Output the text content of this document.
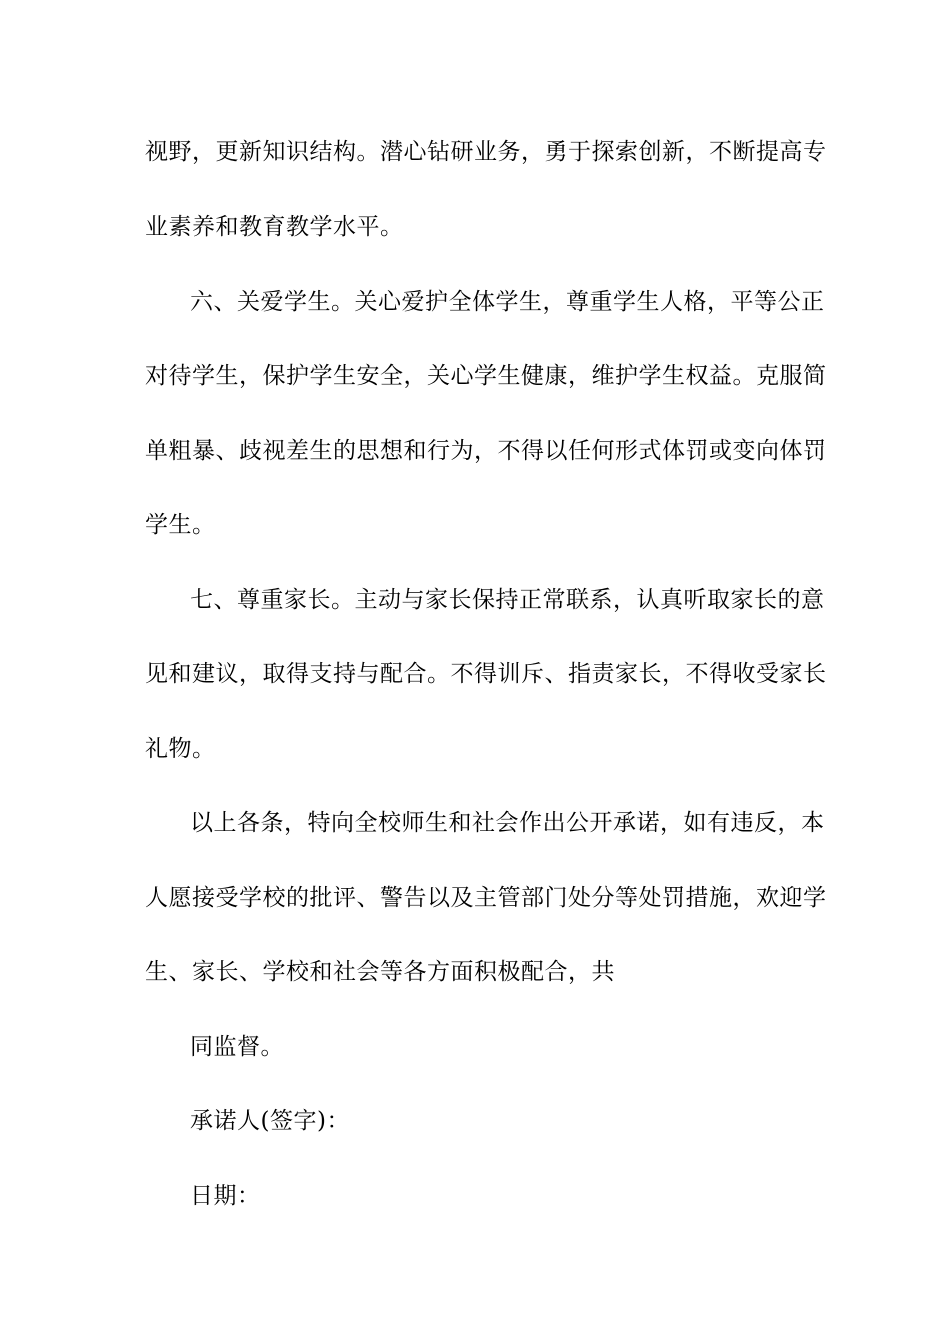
视野，更新知识结构。潜心钻研业务，勇于探索创新，不断提高专
业素养和教育教学水平。
六、关爱学生。关心爱护全体学生，尊重学生人格，平等公正
对待学生，保护学生安全，关心学生健康，维护学生权益。克服简
单粗暴、歧视差生的思想和行为，不得以任何形式体罚或变向体罚
学生。
七、尊重家长。主动与家长保持正常联系，认真听取家长的意
见和建议，取得支持与配合。不得训斥、指责家长，不得收受家长
礼物。
以上各条，特向全校师生和社会作出公开承诺，如有违反，本
人愿接受学校的批评、警告以及主管部门处分等处罚措施，欢迎学
生、家长、学校和社会等各方面积极配合，共
同监督。
承诺人(签字)：
日期：
